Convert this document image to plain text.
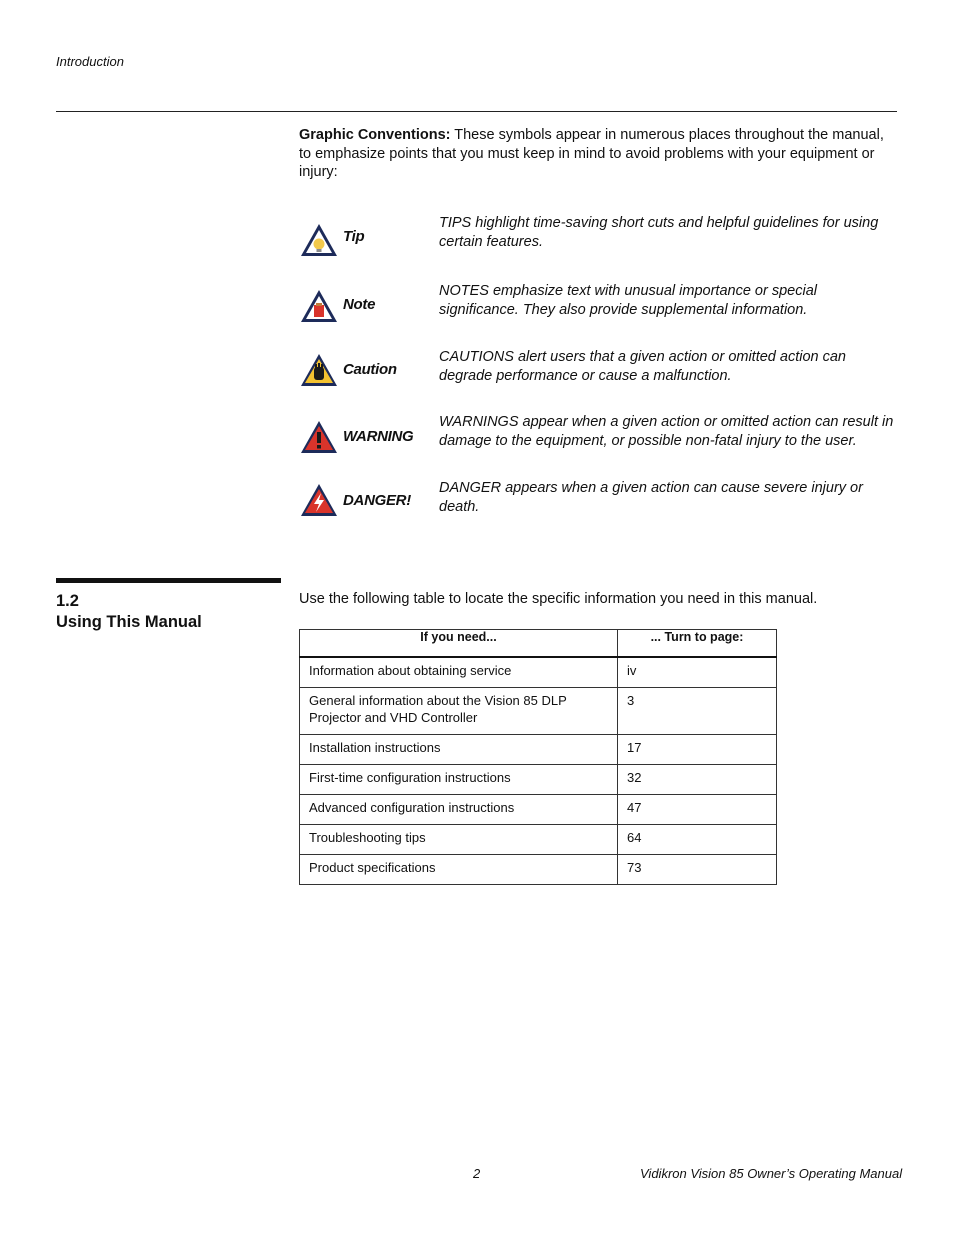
Introduction
Graphic Conventions: These symbols appear in numerous places throughout the manual, to emphasize points that you must keep in mind to avoid problems with your equipment or injury:
Tip
TIPS highlight time-saving short cuts and helpful guidelines for using certain features.
Note
NOTES emphasize text with unusual importance or special significance. They also provide supplemental information.
Caution
CAUTIONS alert users that a given action or omitted action can degrade performance or cause a malfunction.
WARNING
WARNINGS appear when a given action or omitted action can result in damage to the equipment, or possible non-fatal injury to the user.
DANGER!
DANGER appears when a given action can cause severe injury or death.
1.2
Using This Manual
Use the following table to locate the specific information you need in this manual.
If you need...	... Turn to page:
Information about obtaining service	iv
General information about the Vision 85 DLP Projector and VHD Controller	3
Installation instructions	17
First-time configuration instructions	32
Advanced configuration instructions	47
Troubleshooting tips	64
Product specifications	73
2	Vidikron Vision 85 Owner’s Operating Manual
